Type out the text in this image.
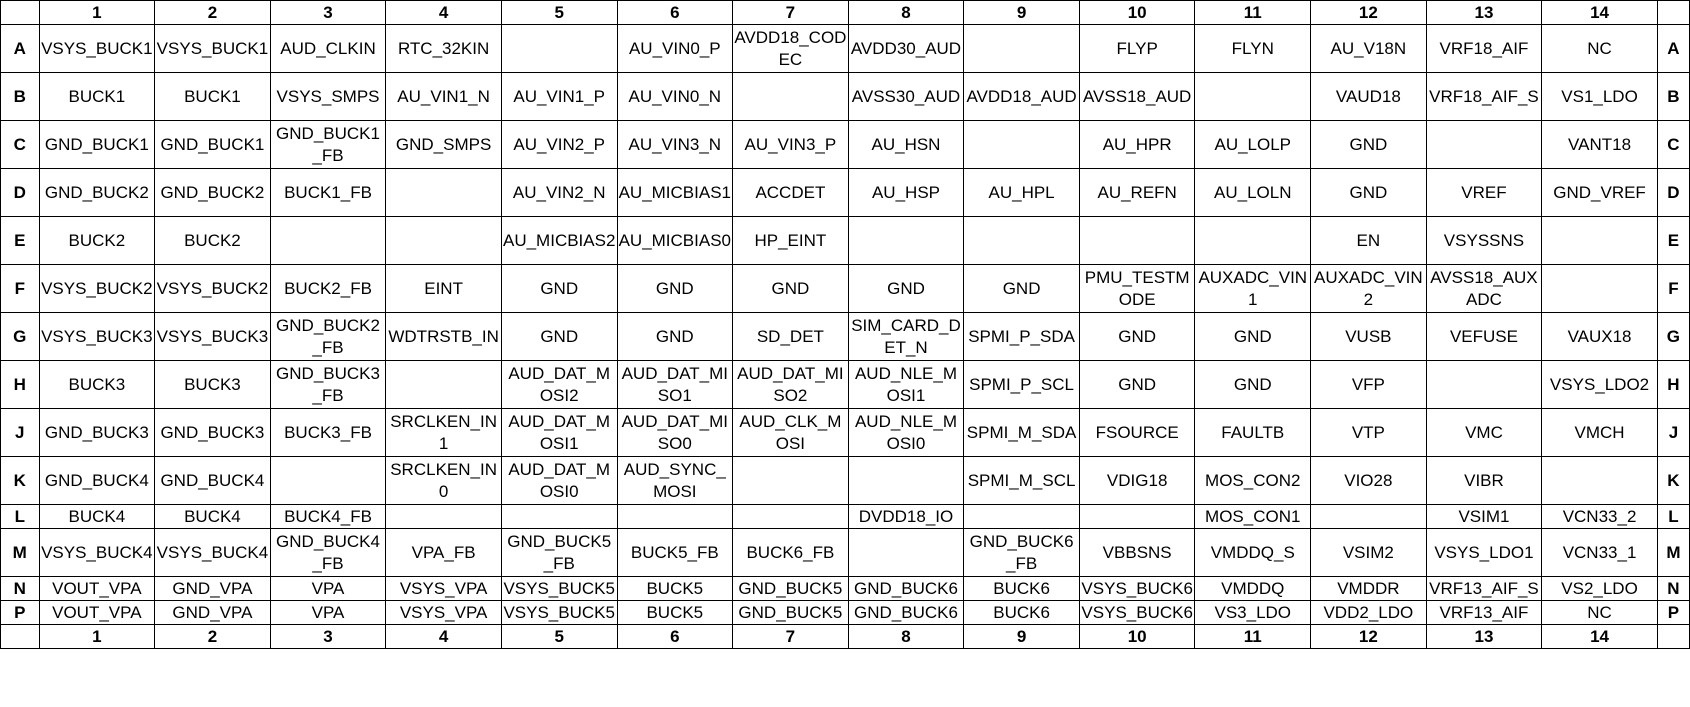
	1	2	3	4	5	6	7	8	9	10	11	12	13	14	
A	VSYS_BUCK1	VSYS_BUCK1	AUD_CLKIN	RTC_32KIN		AU_VIN0_P	AVDD18_CODEC	AVDD30_AUD		FLYP	FLYN	AU_V18N	VRF18_AIF	NC	A
B	BUCK1	BUCK1	VSYS_SMPS	AU_VIN1_N	AU_VIN1_P	AU_VIN0_N		AVSS30_AUD	AVDD18_AUD	AVSS18_AUD		VAUD18	VRF18_AIF_S	VS1_LDO	B
C	GND_BUCK1	GND_BUCK1	GND_BUCK1_FB	GND_SMPS	AU_VIN2_P	AU_VIN3_N	AU_VIN3_P	AU_HSN		AU_HPR	AU_LOLP	GND		VANT18	C
D	GND_BUCK2	GND_BUCK2	BUCK1_FB		AU_VIN2_N	AU_MICBIAS1	ACCDET	AU_HSP	AU_HPL	AU_REFN	AU_LOLN	GND	VREF	GND_VREF	D
E	BUCK2	BUCK2			AU_MICBIAS2	AU_MICBIAS0	HP_EINT					EN	VSYSSNS		E
F	VSYS_BUCK2	VSYS_BUCK2	BUCK2_FB	EINT	GND	GND	GND	GND	GND	PMU_TESTMODE	AUXADC_VIN1	AUXADC_VIN2	AVSS18_AUXADC		F
G	VSYS_BUCK3	VSYS_BUCK3	GND_BUCK2_FB	WDTRSTB_IN	GND	GND	SD_DET	SIM_CARD_DET_N	SPMI_P_SDA	GND	GND	VUSB	VEFUSE	VAUX18	G
H	BUCK3	BUCK3	GND_BUCK3_FB		AUD_DAT_MOSI2	AUD_DAT_MISO1	AUD_DAT_MISO2	AUD_NLE_MOSI1	SPMI_P_SCL	GND	GND	VFP		VSYS_LDO2	H
J	GND_BUCK3	GND_BUCK3	BUCK3_FB	SRCLKEN_IN1	AUD_DAT_MOSI1	AUD_DAT_MISO0	AUD_CLK_MOSI	AUD_NLE_MOSI0	SPMI_M_SDA	FSOURCE	FAULTB	VTP	VMC	VMCH	J
K	GND_BUCK4	GND_BUCK4		SRCLKEN_IN0	AUD_DAT_MOSI0	AUD_SYNC_MOSI			SPMI_M_SCL	VDIG18	MOS_CON2	VIO28	VIBR		K
L	BUCK4	BUCK4	BUCK4_FB					DVDD18_IO			MOS_CON1		VSIM1	VCN33_2	L
M	VSYS_BUCK4	VSYS_BUCK4	GND_BUCK4_FB	VPA_FB	GND_BUCK5_FB	BUCK5_FB	BUCK6_FB		GND_BUCK6_FB	VBBSNS	VMDDQ_S	VSIM2	VSYS_LDO1	VCN33_1	M
N	VOUT_VPA	GND_VPA	VPA	VSYS_VPA	VSYS_BUCK5	BUCK5	GND_BUCK5	GND_BUCK6	BUCK6	VSYS_BUCK6	VMDDQ	VMDDR	VRF13_AIF_S	VS2_LDO	N
P	VOUT_VPA	GND_VPA	VPA	VSYS_VPA	VSYS_BUCK5	BUCK5	GND_BUCK5	GND_BUCK6	BUCK6	VSYS_BUCK6	VS3_LDO	VDD2_LDO	VRF13_AIF	NC	P
	1	2	3	4	5	6	7	8	9	10	11	12	13	14	
